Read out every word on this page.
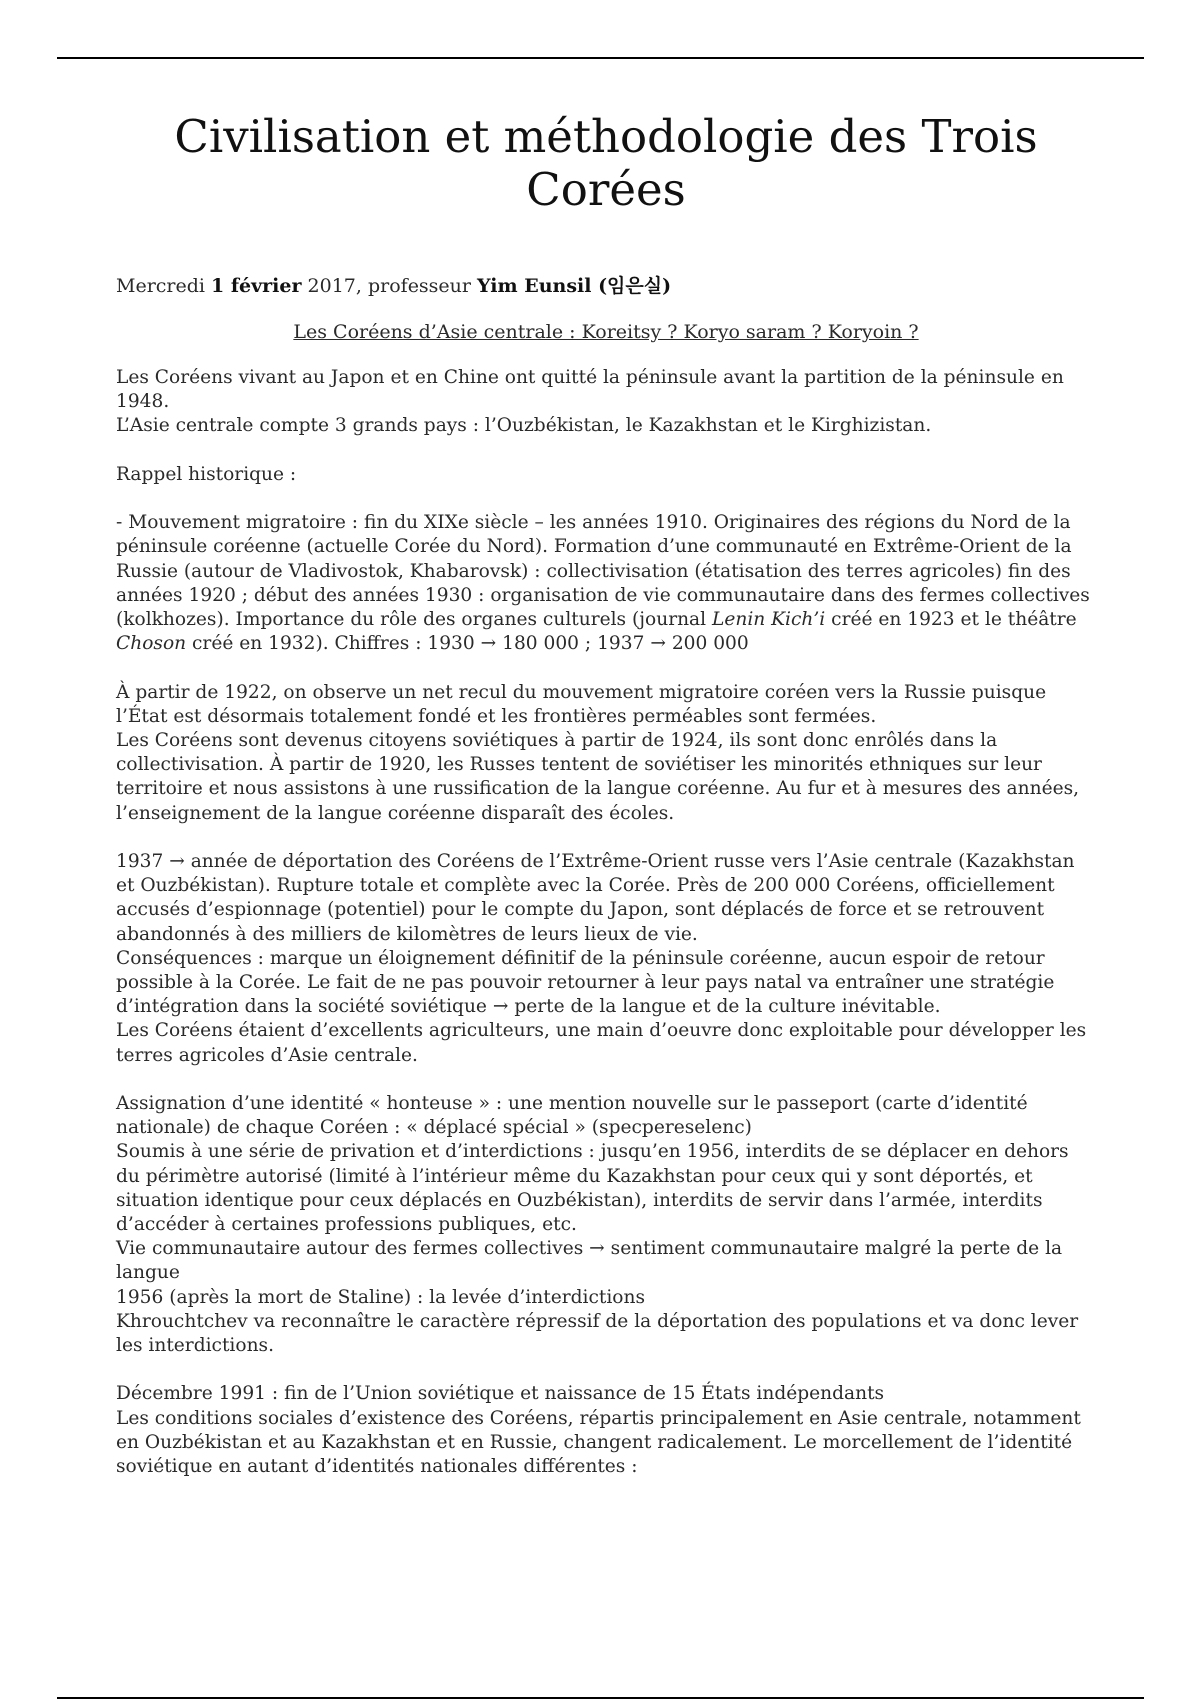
Civilisation et méthodologie des Trois Corées

Mercredi 1 février 2017, professeur Yim Eunsil (임은실)

Les Coréens d’Asie centrale : Koreitsy ? Koryo saram ? Koryoin ?

Les Coréens vivant au Japon et en Chine ont quitté la péninsule avant la partition de la péninsule en 1948.

L’Asie centrale compte 3 grands pays : l’Ouzbékistan, le Kazakhstan et le Kirghizistan.

Rappel historique :

- Mouvement migratoire : fin du XIXe siècle – les années 1910. Originaires des régions du Nord de la péninsule coréenne (actuelle Corée du Nord). Formation d’une communauté en Extrême-Orient de la Russie (autour de Vladivostok, Khabarovsk) : collectivisation (étatisation des terres agricoles) fin des années 1920 ; début des années 1930 : organisation de vie communautaire dans des fermes collectives (kolkhozes). Importance du rôle des organes culturels (journal Lenin Kich’i créé en 1923 et le théâtre Choson créé en 1932). Chiffres : 1930 → 180 000 ; 1937 → 200 000

À partir de 1922, on observe un net recul du mouvement migratoire coréen vers la Russie puisque l’État est désormais totalement fondé et les frontières perméables sont fermées.

Les Coréens sont devenus citoyens soviétiques à partir de 1924, ils sont donc enrôlés dans la collectivisation. À partir de 1920, les Russes tentent de soviétiser les minorités ethniques sur leur territoire et nous assistons à une russification de la langue coréenne. Au fur et à mesures des années, l’enseignement de la langue coréenne disparaît des écoles.

1937 → année de déportation des Coréens de l’Extrême-Orient russe vers l’Asie centrale (Kazakhstan et Ouzbékistan). Rupture totale et complète avec la Corée. Près de 200 000 Coréens, officiellement accusés d’espionnage (potentiel) pour le compte du Japon, sont déplacés de force et se retrouvent abandonnés à des milliers de kilomètres de leurs lieux de vie.

Conséquences : marque un éloignement définitif de la péninsule coréenne, aucun espoir de retour possible à la Corée. Le fait de ne pas pouvoir retourner à leur pays natal va entraîner une stratégie d’intégration dans la société soviétique → perte de la langue et de la culture inévitable.

Les Coréens étaient d’excellents agriculteurs, une main d’oeuvre donc exploitable pour développer les terres agricoles d’Asie centrale.

Assignation d’une identité « honteuse » : une mention nouvelle sur le passeport (carte d’identité nationale) de chaque Coréen : « déplacé spécial » (specpereselenc)

Soumis à une série de privation et d’interdictions : jusqu’en 1956, interdits de se déplacer en dehors du périmètre autorisé (limité à l’intérieur même du Kazakhstan pour ceux qui y sont déportés, et situation identique pour ceux déplacés en Ouzbékistan), interdits de servir dans l’armée, interdits d’accéder à certaines professions publiques, etc.

Vie communautaire autour des fermes collectives → sentiment communautaire malgré la perte de la langue

1956 (après la mort de Staline) : la levée d’interdictions

Khrouchtchev va reconnaître le caractère répressif de la déportation des populations et va donc lever les interdictions.

Décembre 1991 : fin de l’Union soviétique et naissance de 15 États indépendants

Les conditions sociales d’existence des Coréens, répartis principalement en Asie centrale, notamment en Ouzbékistan et au Kazakhstan et en Russie, changent radicalement. Le morcellement de l’identité soviétique en autant d’identités nationales différentes :
